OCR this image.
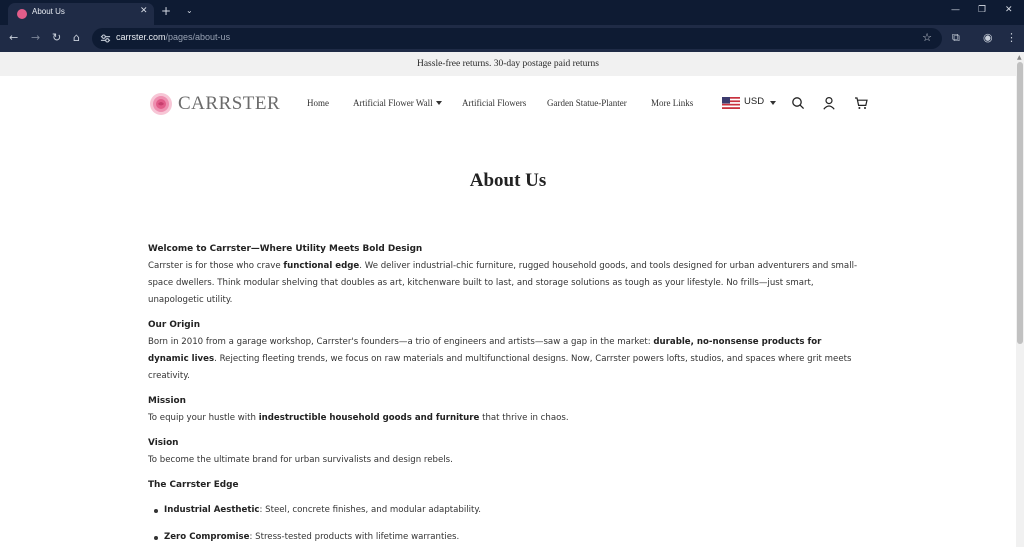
About Us	✕ + ⌄	— ❐ ✕
← → ↻ ⌂	carrster.com/pages/about-us	☆ ⧉ ◉ ⋮
Hassle-free returns. 30-day postage paid returns
CARRSTER	Home	Artificial Flower Wall	Artificial Flowers Garden Statue-Planter	More Links	USD
About Us
Welcome to Carrster—Where Utility Meets Bold Design

Carrster is for those who crave functional edge. We deliver industrial-chic furniture, rugged household goods, and tools designed for urban adventurers and small-space dwellers. Think modular shelving that doubles as art, kitchenware built to last, and storage solutions as tough as your lifestyle. No frills—just smart, unapologetic utility.

Our Origin

Born in 2010 from a garage workshop, Carrster's founders—a trio of engineers and artists—saw a gap in the market: durable, no-nonsense products for dynamic lives. Rejecting fleeting trends, we focus on raw materials and multifunctional designs. Now, Carrster powers lofts, studios, and spaces where grit meets creativity.

Mission

To equip your hustle with indestructible household goods and furniture that thrive in chaos.

Vision

To become the ultimate brand for urban survivalists and design rebels.

The Carrster Edge
Industrial Aesthetic: Steel, concrete finishes, and modular adaptability.
Zero Compromise: Stress-tested products with lifetime warranties.
▲
